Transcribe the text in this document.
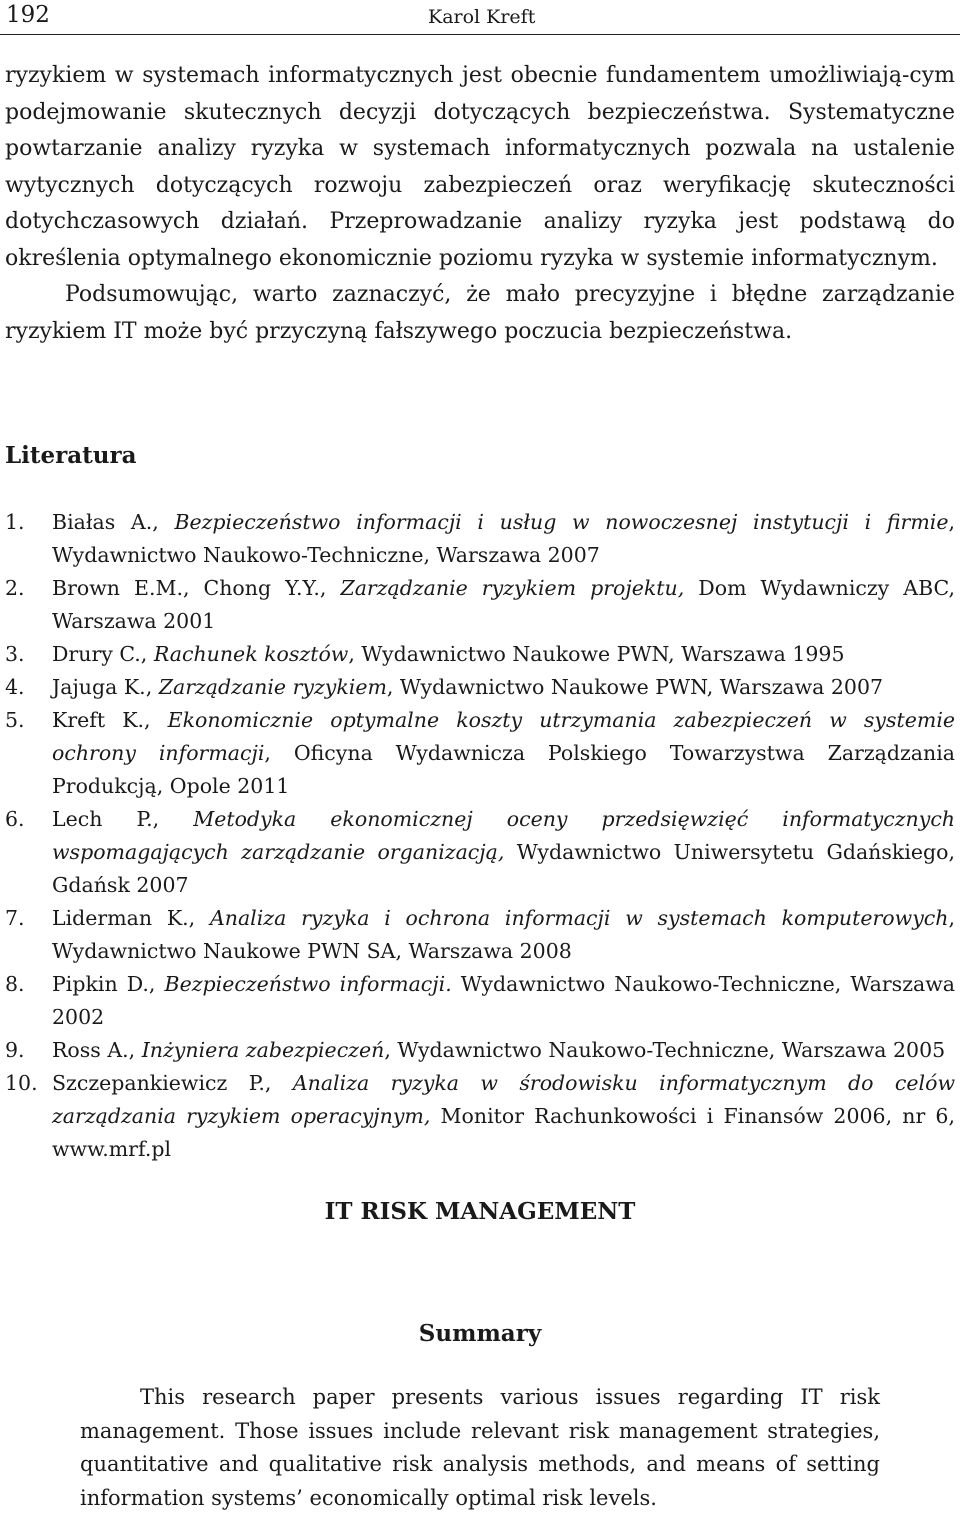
192	Karol Kreft

ryzykiem w systemach informatycznych jest obecnie fundamentem umożliwiają-cym podejmowanie skutecznych decyzji dotyczących bezpieczeństwa. Systematyczne powtarzanie analizy ryzyka w systemach informatycznych pozwala na ustalenie wytycznych dotyczących rozwoju zabezpieczeń oraz weryfikację skuteczności dotychczasowych działań. Przeprowadzanie analizy ryzyka jest podstawą do określenia optymalnego ekonomicznie poziomu ryzyka w systemie informatycznym.

Podsumowując, warto zaznaczyć, że mało precyzyjne i błędne zarządzanie ryzykiem IT może być przyczyną fałszywego poczucia bezpieczeństwa.

Literatura
1. Białas A., Bezpieczeństwo informacji i usług w nowoczesnej instytucji i firmie, Wydawnictwo Naukowo-Techniczne, Warszawa 2007
2. Brown E.M., Chong Y.Y., Zarządzanie ryzykiem projektu, Dom Wydawniczy ABC, Warszawa 2001
3. Drury C., Rachunek kosztów, Wydawnictwo Naukowe PWN, Warszawa 1995
4. Jajuga K., Zarządzanie ryzykiem, Wydawnictwo Naukowe PWN, Warszawa 2007
5. Kreft K., Ekonomicznie optymalne koszty utrzymania zabezpieczeń w systemie ochrony informacji, Oficyna Wydawnicza Polskiego Towarzystwa Zarządzania Produkcją, Opole 2011
6. Lech P., Metodyka ekonomicznej oceny przedsięwzięć informatycznych wspomagających zarządzanie organizacją, Wydawnictwo Uniwersytetu Gdańskiego, Gdańsk 2007
7. Liderman K., Analiza ryzyka i ochrona informacji w systemach komputerowych, Wydawnictwo Naukowe PWN SA, Warszawa 2008
8. Pipkin D., Bezpieczeństwo informacji. Wydawnictwo Naukowo-Techniczne, Warszawa 2002
9. Ross A., Inżyniera zabezpieczeń, Wydawnictwo Naukowo-Techniczne, Warszawa 2005
10. Szczepankiewicz P., Analiza ryzyka w środowisku informatycznym do celów zarządzania ryzykiem operacyjnym, Monitor Rachunkowości i Finansów 2006, nr 6, www.mrf.pl
IT RISK MANAGEMENT
Summary

This research paper presents various issues regarding IT risk management. Those issues include relevant risk management strategies, quantitative and qualitative risk analysis methods, and means of setting information systems’ economically optimal risk levels.
